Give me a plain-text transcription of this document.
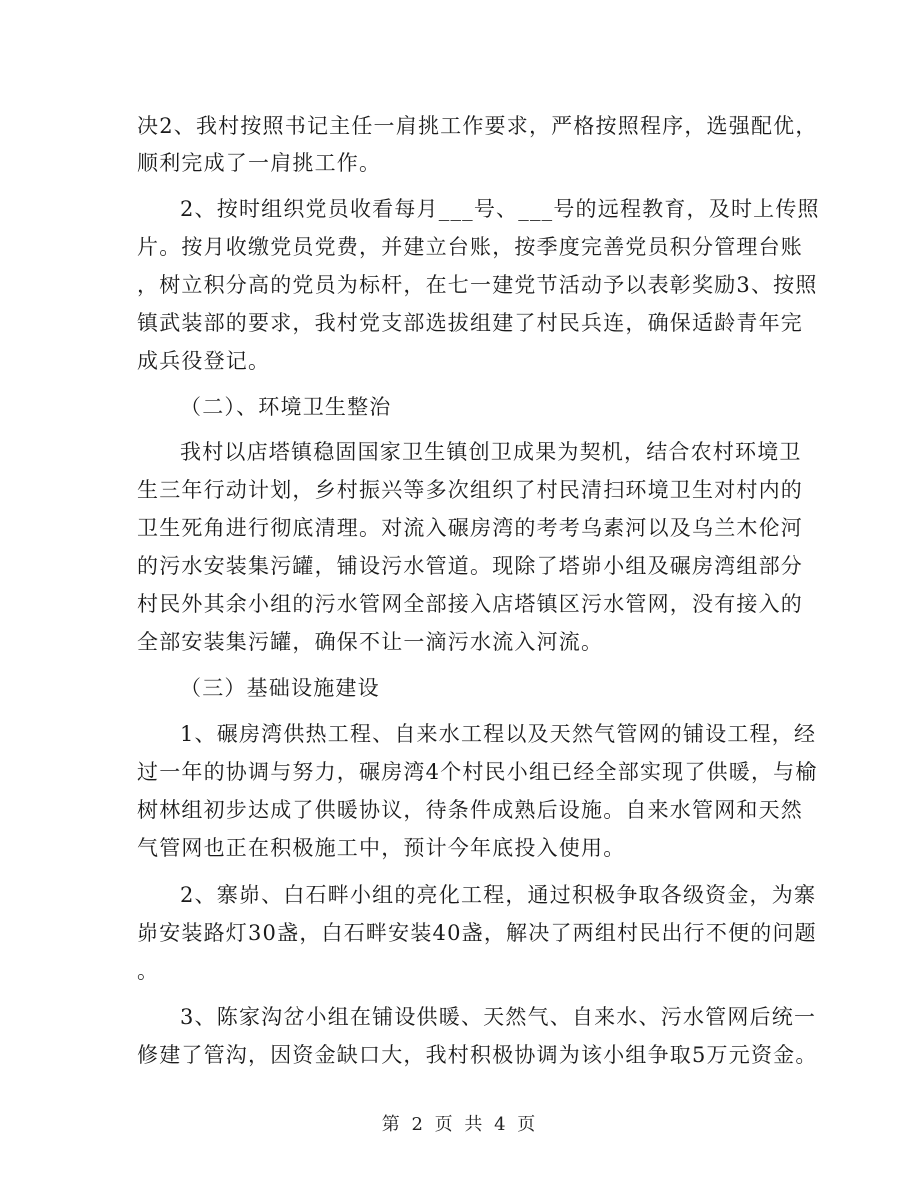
决2、我村按照书记主任一肩挑工作要求，严格按照程序，选强配优，
顺利完成了一肩挑工作。
2、按时组织党员收看每月___号、___号的远程教育，及时上传照
片。按月收缴党员党费，并建立台账，按季度完善党员积分管理台账
，树立积分高的党员为标杆，在七一建党节活动予以表彰奖励3、按照
镇武装部的要求，我村党支部选拔组建了村民兵连，确保适龄青年完
成兵役登记。
（二）、环境卫生整治
我村以店塔镇稳固国家卫生镇创卫成果为契机，结合农村环境卫
生三年行动计划，乡村振兴等多次组织了村民清扫环境卫生对村内的
卫生死角进行彻底清理。对流入碾房湾的考考乌素河以及乌兰木伦河
的污水安装集污罐，铺设污水管道。现除了塔峁小组及碾房湾组部分
村民外其余小组的污水管网全部接入店塔镇区污水管网，没有接入的
全部安装集污罐，确保不让一滴污水流入河流。
（三）基础设施建设
1、碾房湾供热工程、自来水工程以及天然气管网的铺设工程，经
过一年的协调与努力，碾房湾4个村民小组已经全部实现了供暖，与榆
树林组初步达成了供暖协议，待条件成熟后设施。自来水管网和天然
气管网也正在积极施工中，预计今年底投入使用。
2、寨峁、白石畔小组的亮化工程，通过积极争取各级资金，为寨
峁安装路灯30盏，白石畔安装40盏，解决了两组村民出行不便的问题
。
3、陈家沟岔小组在铺设供暖、天然气、自来水、污水管网后统一
修建了管沟，因资金缺口大，我村积极协调为该小组争取5万元资金。
第 2 页 共 4 页
